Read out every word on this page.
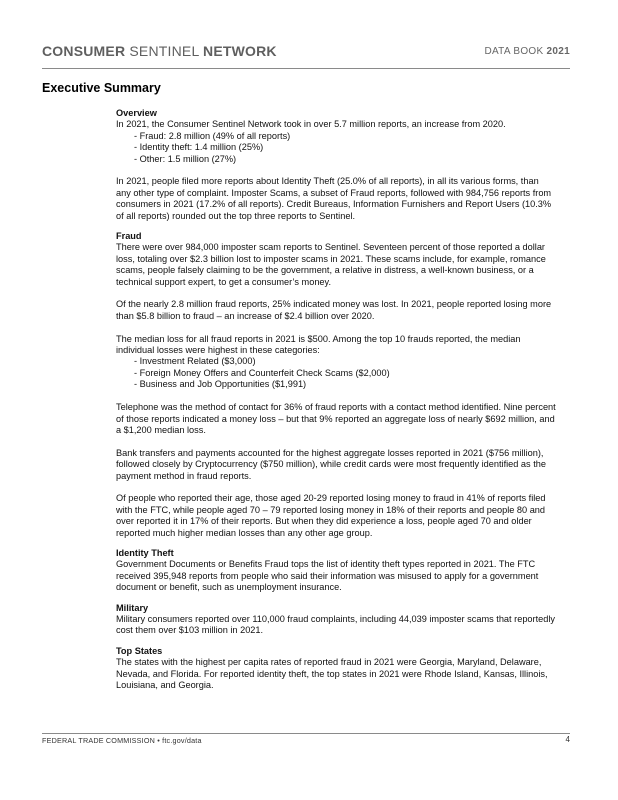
CONSUMER SENTINEL NETWORK	DATA BOOK 2021
Executive Summary
Overview

In 2021, the Consumer Sentinel Network took in over 5.7 million reports, an increase from 2020.

- Fraud: 2.8 million (49% of all reports)
- Identity theft: 1.4 million (25%)
- Other: 1.5 million (27%)

In 2021, people filed more reports about Identity Theft (25.0% of all reports), in all its various forms, than any other type of complaint. Imposter Scams, a subset of Fraud reports, followed with 984,756 reports from consumers in 2021 (17.2% of all reports). Credit Bureaus, Information Furnishers and Report Users (10.3% of all reports) rounded out the top three reports to Sentinel.

Fraud

There were over 984,000 imposter scam reports to Sentinel. Seventeen percent of those reported a dollar loss, totaling over $2.3 billion lost to imposter scams in 2021. These scams include, for example, romance scams, people falsely claiming to be the government, a relative in distress, a well-known business, or a technical support expert, to get a consumer’s money.

Of the nearly 2.8 million fraud reports, 25% indicated money was lost. In 2021, people reported losing more than $5.8 billion to fraud – an increase of $2.4 billion over 2020.

The median loss for all fraud reports in 2021 is $500. Among the top 10 frauds reported, the median individual losses were highest in these categories:

- Investment Related ($3,000)
- Foreign Money Offers and Counterfeit Check Scams ($2,000)
- Business and Job Opportunities ($1,991)

Telephone was the method of contact for 36% of fraud reports with a contact method identified. Nine percent of those reports indicated a money loss – but that 9% reported an aggregate loss of nearly $692 million, and a $1,200 median loss.

Bank transfers and payments accounted for the highest aggregate losses reported in 2021 ($756 million), followed closely by Cryptocurrency ($750 million), while credit cards were most frequently identified as the payment method in fraud reports.

Of people who reported their age, those aged 20-29 reported losing money to fraud in 41% of reports filed with the FTC, while people aged 70 – 79 reported losing money in 18% of their reports and people 80 and over reported it in 17% of their reports. But when they did experience a loss, people aged 70 and older reported much higher median losses than any other age group.

Identity Theft

Government Documents or Benefits Fraud tops the list of identity theft types reported in 2021. The FTC received 395,948 reports from people who said their information was misused to apply for a government document or benefit, such as unemployment insurance.

Military

Military consumers reported over 110,000 fraud complaints, including 44,039 imposter scams that reportedly cost them over $103 million in 2021.

Top States

The states with the highest per capita rates of reported fraud in 2021 were Georgia, Maryland, Delaware, Nevada, and Florida. For reported identity theft, the top states in 2021 were Rhode Island, Kansas, Illinois, Louisiana, and Georgia.

FEDERAL TRADE COMMISSION • ftc.gov/data	4
